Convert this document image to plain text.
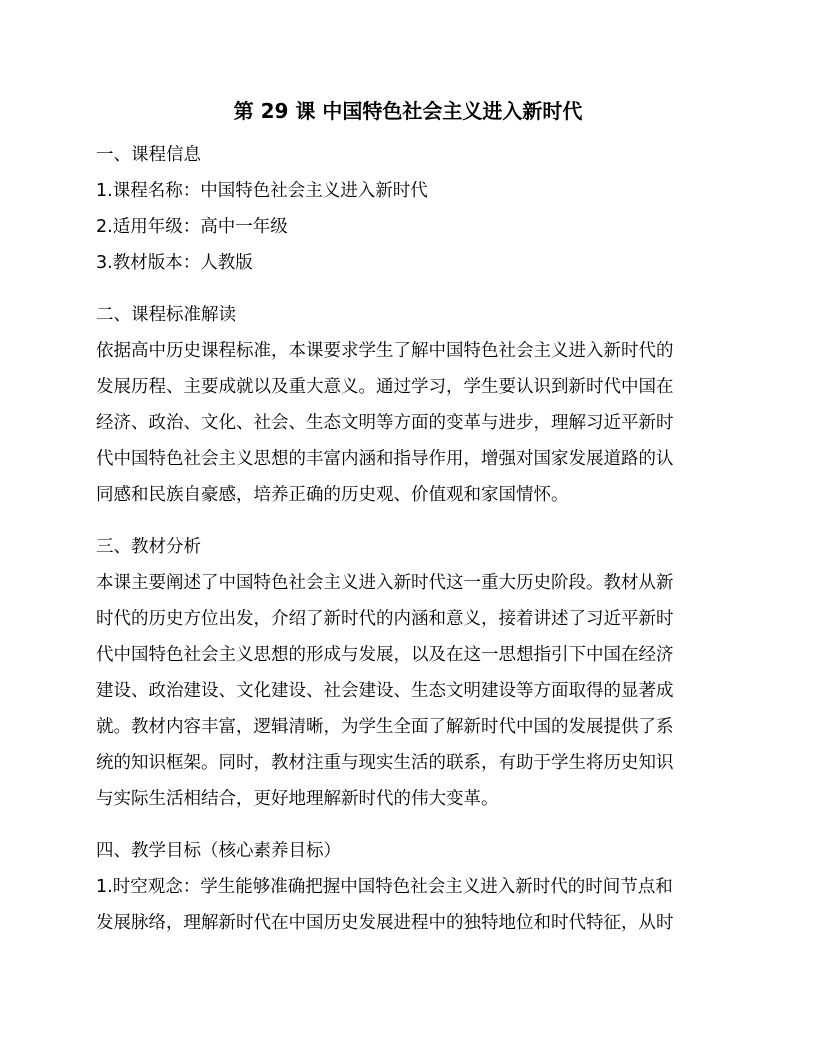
第 29 课 中国特色社会主义进入新时代
一、课程信息
1.课程名称：中国特色社会主义进入新时代
2.适用年级：高中一年级
3.教材版本：人教版
二、课程标准解读
依据高中历史课程标准，本课要求学生了解中国特色社会主义进入新时代的
发展历程、主要成就以及重大意义。通过学习，学生要认识到新时代中国在
经济、政治、文化、社会、生态文明等方面的变革与进步，理解习近平新时
代中国特色社会主义思想的丰富内涵和指导作用，增强对国家发展道路的认
同感和民族自豪感，培养正确的历史观、价值观和家国情怀。
三、教材分析
本课主要阐述了中国特色社会主义进入新时代这一重大历史阶段。教材从新
时代的历史方位出发，介绍了新时代的内涵和意义，接着讲述了习近平新时
代中国特色社会主义思想的形成与发展，以及在这一思想指引下中国在经济
建设、政治建设、文化建设、社会建设、生态文明建设等方面取得的显著成
就。教材内容丰富，逻辑清晰，为学生全面了解新时代中国的发展提供了系
统的知识框架。同时，教材注重与现实生活的联系，有助于学生将历史知识
与实际生活相结合，更好地理解新时代的伟大变革。
四、教学目标（核心素养目标）
1.时空观念：学生能够准确把握中国特色社会主义进入新时代的时间节点和
发展脉络，理解新时代在中国历史发展进程中的独特地位和时代特征，从时
